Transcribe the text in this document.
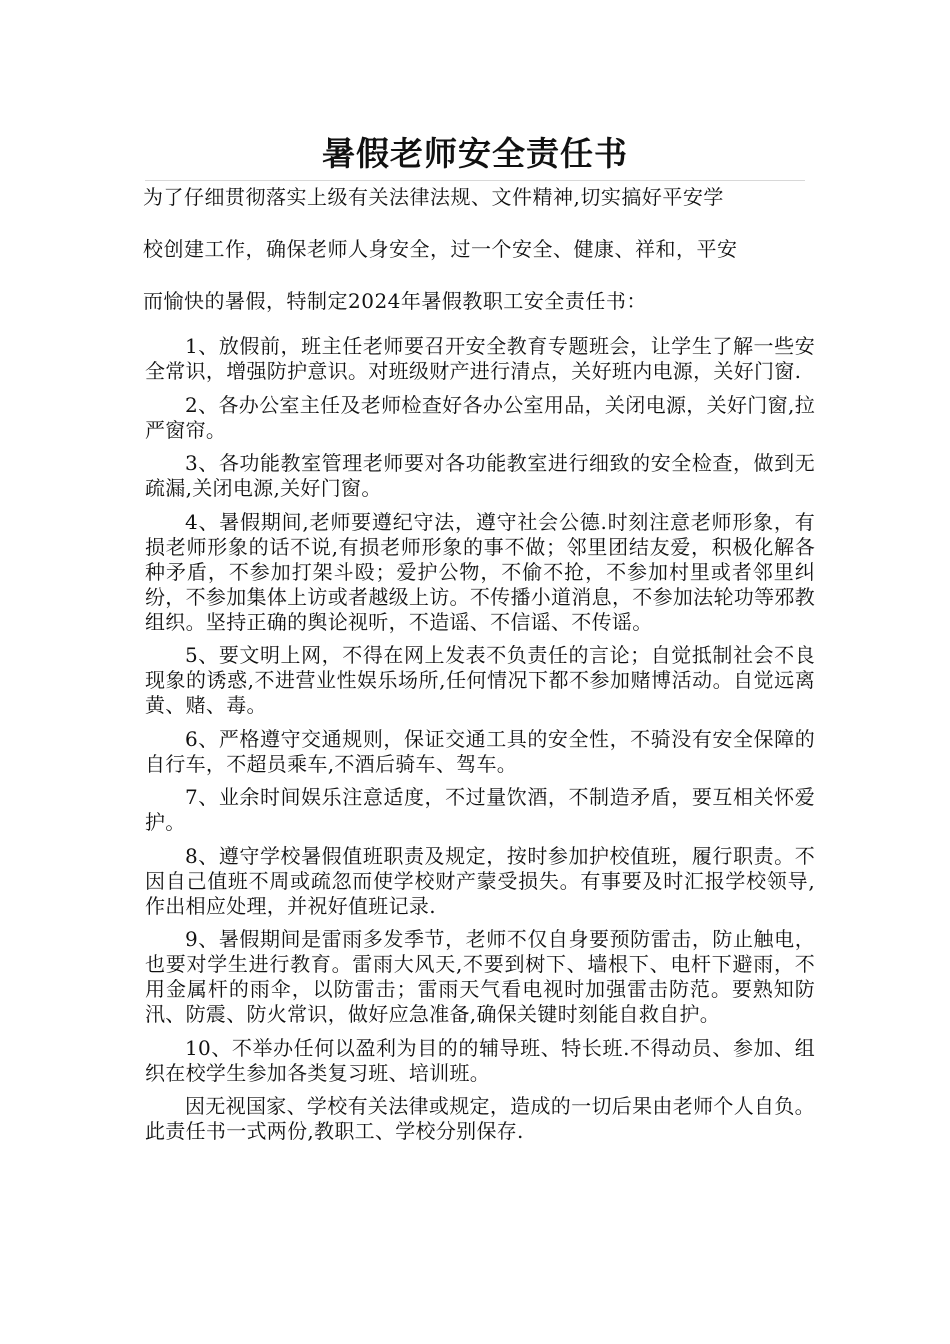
暑假老师安全责任书
为了仔细贯彻落实上级有关法律法规、文件精神,切实搞好平安学
校创建工作，确保老师人身安全，过一个安全、健康、祥和，平安
而愉快的暑假，特制定2024年暑假教职工安全责任书：

1、放假前，班主任老师要召开安全教育专题班会，让学生了解一些安全常识，增强防护意识。对班级财产进行清点，关好班内电源，关好门窗.

2、各办公室主任及老师检查好各办公室用品，关闭电源，关好门窗,拉严窗帘。

3、各功能教室管理老师要对各功能教室进行细致的安全检查，做到无疏漏,关闭电源,关好门窗。

4、暑假期间,老师要遵纪守法，遵守社会公德.时刻注意老师形象，有损老师形象的话不说,有损老师形象的事不做；邻里团结友爱，积极化解各种矛盾，不参加打架斗殴；爱护公物，不偷不抢，不参加村里或者邻里纠纷，不参加集体上访或者越级上访。不传播小道消息，不参加法轮功等邪教组织。坚持正确的舆论视听，不造谣、不信谣、不传谣。

5、要文明上网，不得在网上发表不负责任的言论；自觉抵制社会不良现象的诱惑,不进营业性娱乐场所,任何情况下都不参加赌博活动。自觉远离黄、赌、毒。

6、严格遵守交通规则，保证交通工具的安全性，不骑没有安全保障的自行车，不超员乘车,不酒后骑车、驾车。

7、业余时间娱乐注意适度，不过量饮酒，不制造矛盾，要互相关怀爱护。

8、遵守学校暑假值班职责及规定，按时参加护校值班，履行职责。不因自己值班不周或疏忽而使学校财产蒙受损失。有事要及时汇报学校领导,作出相应处理，并祝好值班记录.

9、暑假期间是雷雨多发季节，老师不仅自身要预防雷击，防止触电，也要对学生进行教育。雷雨大风天,不要到树下、墙根下、电杆下避雨，不用金属杆的雨伞，以防雷击；雷雨天气看电视时加强雷击防范。要熟知防汛、防震、防火常识，做好应急准备,确保关键时刻能自救自护。

10、不举办任何以盈利为目的的辅导班、特长班.不得动员、参加、组织在校学生参加各类复习班、培训班。

因无视国家、学校有关法律或规定，造成的一切后果由老师个人自负。 此责任书一式两份,教职工、学校分别保存.
